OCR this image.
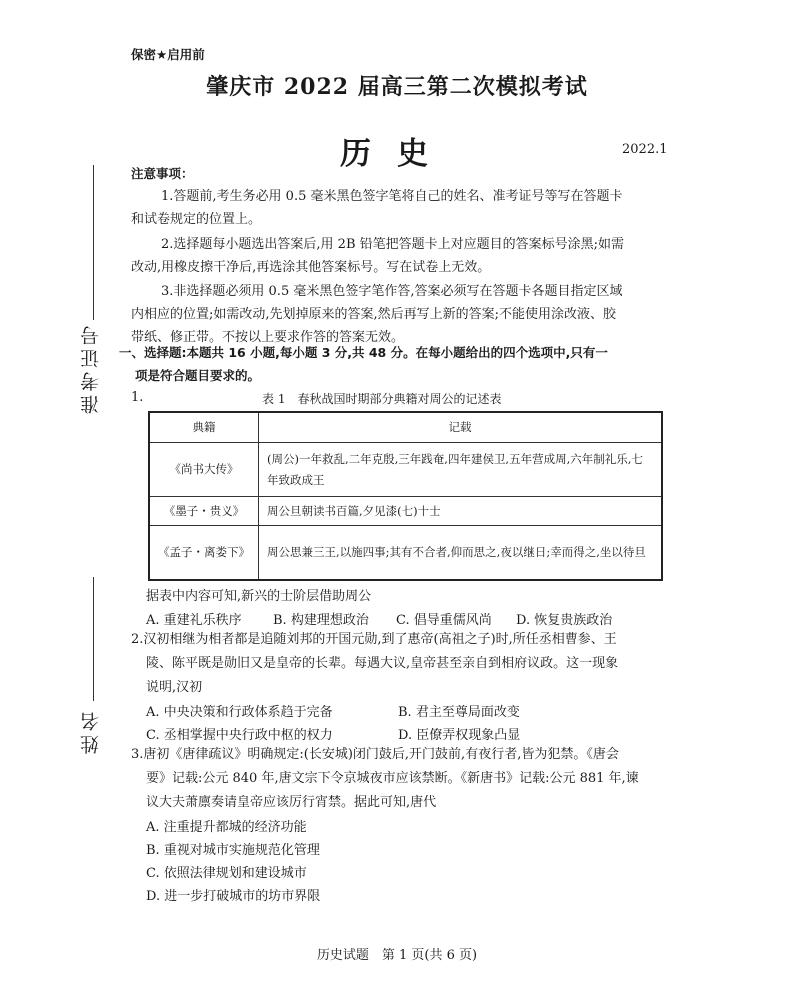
保密★启用前
肇庆市 2022 届高三第二次模拟考试
历史	2022.1
准考证号
姓名
注意事项：
1.答题前,考生务必用 0.5 毫米黑色签字笔将自己的姓名、准考证号等写在答题卡
和试卷规定的位置上。
2.选择题每小题选出答案后,用 2B 铅笔把答题卡上对应题目的答案标号涂黑;如需
改动,用橡皮擦干净后,再选涂其他答案标号。写在试卷上无效。
3.非选择题必须用 0.5 毫米黑色签字笔作答,答案必须写在答题卡各题目指定区域
内相应的位置;如需改动,先划掉原来的答案,然后再写上新的答案;不能使用涂改液、胶
带纸、修正带。不按以上要求作答的答案无效。
一、选择题:本题共 16 小题,每小题 3 分,共 48 分。在每小题给出的四个选项中,只有一
项是符合题目要求的。
1.	表 1　春秋战国时期部分典籍对周公的记述表
典籍	记载
《尚书大传》	(周公)一年救乱,二年克殷,三年践奄,四年建侯卫,五年营成周,六年制礼乐,七年致政成王
《墨子・贵义》	周公旦朝读书百篇,夕见漆(七)十士
《孟子・离娄下》	周公思兼三王,以施四事;其有不合者,仰而思之,夜以继日;幸而得之,坐以待旦
据表中内容可知,新兴的士阶层借助周公
A. 重建礼乐秩序 B. 构建理想政治 C. 倡导重儒风尚 D. 恢复贵族政治
2.汉初相继为相者都是追随刘邦的开国元勋,到了惠帝(高祖之子)时,所任丞相曹参、王
陵、陈平既是勋旧又是皇帝的长辈。每遇大议,皇帝甚至亲自到相府议政。这一现象
说明,汉初
A. 中央决策和行政体系趋于完备	B. 君主至尊局面改变
C. 丞相掌握中央行政中枢的权力	D. 臣僚弄权现象凸显
3.唐初《唐律疏议》明确规定:(长安城)闭门鼓后,开门鼓前,有夜行者,皆为犯禁。《唐会
要》记载:公元 840 年,唐文宗下令京城夜市应该禁断。《新唐书》记载:公元 881 年,谏
议大夫萧廪奏请皇帝应该厉行宵禁。据此可知,唐代
A. 注重提升都城的经济功能
B. 重视对城市实施规范化管理
C. 依照法律规划和建设城市
D. 进一步打破城市的坊市界限
历史试题　第 1 页(共 6 页)
